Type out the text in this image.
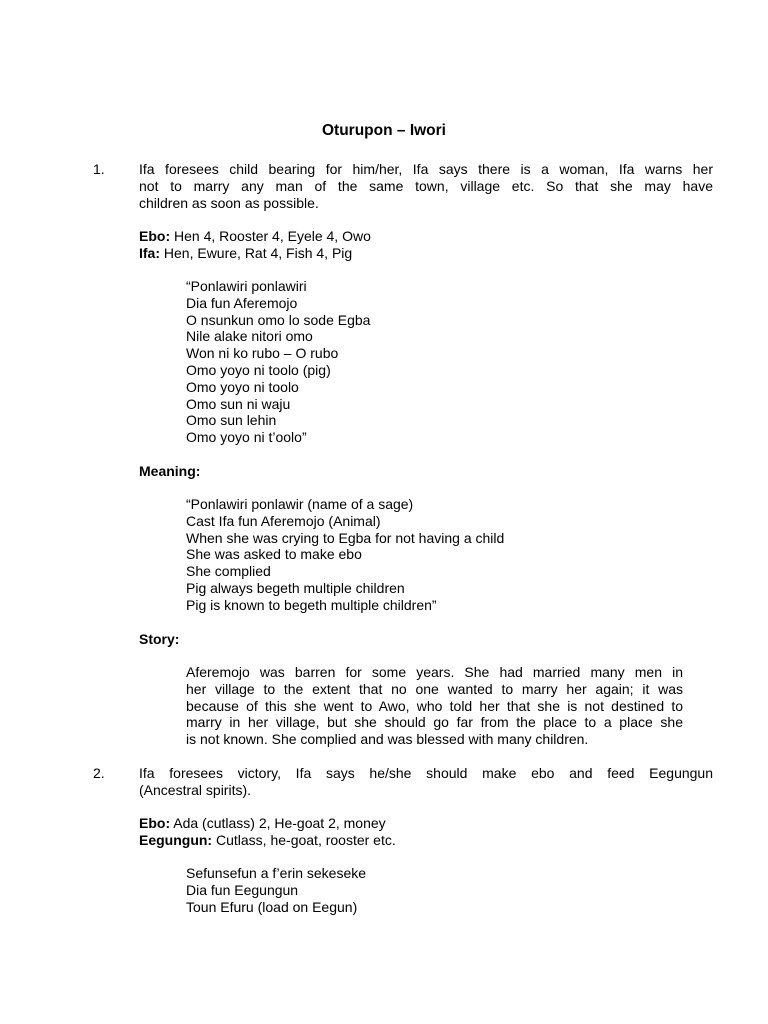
Oturupon – Iwori
1. Ifa foresees child bearing for him/her, Ifa says there is a woman, Ifa warns her
not to marry any man of the same town, village etc. So that she may have
children as soon as possible.
Ebo: Hen 4, Rooster 4, Eyele 4, Owo
Ifa: Hen, Ewure, Rat 4, Fish 4, Pig
“Ponlawiri ponlawiri
Dia fun Aferemojo
O nsunkun omo lo sode Egba
Nile alake nitori omo
Won ni ko rubo – O rubo
Omo yoyo ni toolo (pig)
Omo yoyo ni toolo
Omo sun ni waju
Omo sun lehin
Omo yoyo ni t’oolo”
Meaning:
“Ponlawiri ponlawir (name of a sage)
Cast Ifa fun Aferemojo (Animal)
When she was crying to Egba for not having a child
She was asked to make ebo
She complied
Pig always begeth multiple children
Pig is known to begeth multiple children”
Story:
Aferemojo was barren for some years. She had married many men in
her village to the extent that no one wanted to marry her again; it was
because of this she went to Awo, who told her that she is not destined to
marry in her village, but she should go far from the place to a place she
is not known. She complied and was blessed with many children.
2. Ifa foresees victory, Ifa says he/she should make ebo and feed Eegungun
(Ancestral spirits).
Ebo: Ada (cutlass) 2, He-goat 2, money
Eegungun: Cutlass, he-goat, rooster etc.
Sefunsefun a f’erin sekeseke
Dia fun Eegungun
Toun Efuru (load on Eegun)
